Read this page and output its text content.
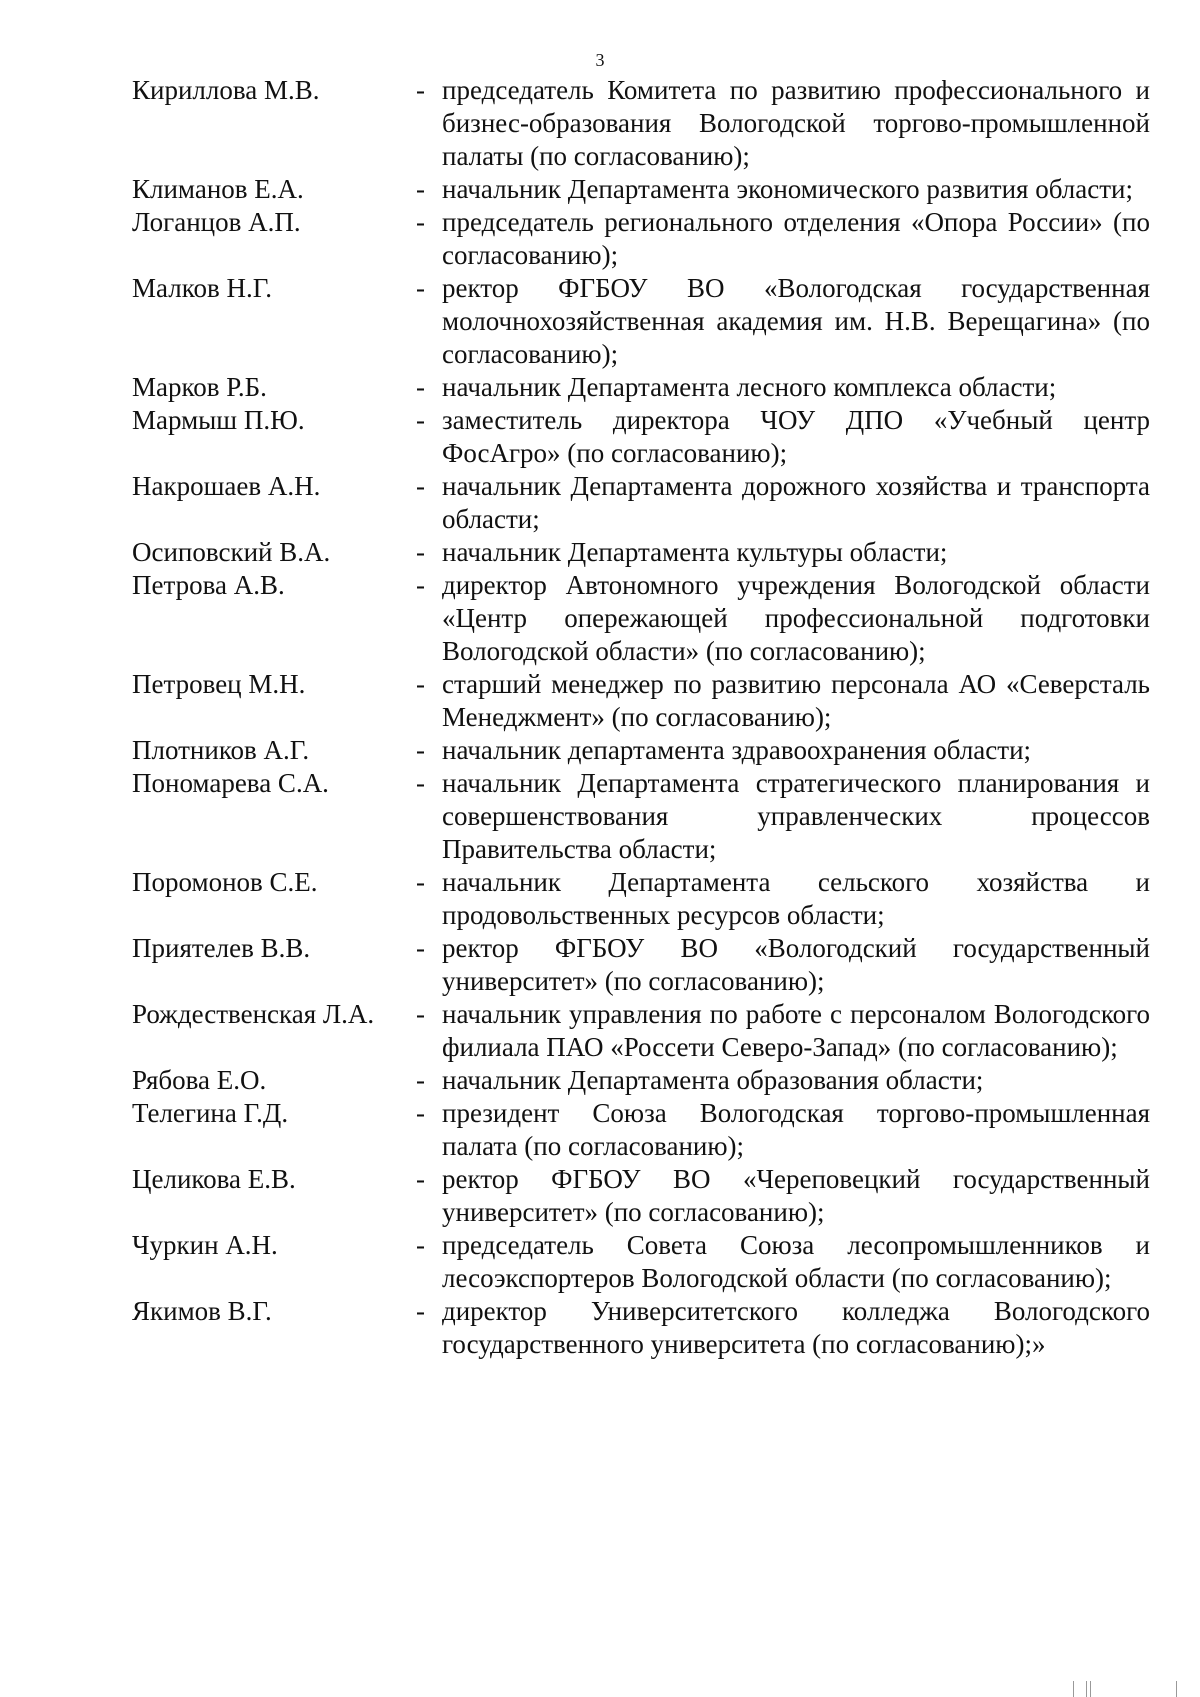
3
Кириллова М.В.	- председатель Комитета по развитию профессионального и бизнес-образования Вологодской торгово-промышленной палаты (по согласованию);
Климанов Е.А.	- начальник Департамента экономического развития области;
Логанцов А.П.	- председатель регионального отделения «Опора России» (по согласованию);
Малков Н.Г.	- ректор ФГБОУ ВО «Вологодская государственная молочнохозяйственная академия им. Н.В. Верещагина» (по согласованию);
Марков Р.Б.	- начальник Департамента лесного комплекса области;
Мармыш П.Ю.	- заместитель директора ЧОУ ДПО «Учебный центр ФосАгро» (по согласованию);
Накрошаев А.Н.	- начальник Департамента дорожного хозяйства и транспорта области;
Осиповский В.А.	- начальник Департамента культуры области;
Петрова А.В.	- директор Автономного учреждения Вологодской области «Центр опережающей профессиональной подготовки Вологодской области» (по согласованию);
Петровец М.Н.	- старший менеджер по развитию персонала АО «Северсталь Менеджмент» (по согласованию);
Плотников А.Г.	- начальник департамента здравоохранения области;
Пономарева С.А.	- начальник Департамента стратегического планирования и совершенствования управленческих процессов Правительства области;
Поромонов С.Е.	- начальник Департамента сельского хозяйства и продовольственных ресурсов области;
Приятелев В.В.	- ректор ФГБОУ ВО «Вологодский государственный университет» (по согласованию);
Рождественская Л.А.	- начальник управления по работе с персоналом Вологодского филиала ПАО «Россети Северо-Запад» (по согласованию);
Рябова Е.О.	- начальник Департамента образования области;
Телегина Г.Д.	- президент Союза Вологодская торгово-промышленная палата (по согласованию);
Целикова Е.В.	- ректор ФГБОУ ВО «Череповецкий государственный университет» (по согласованию);
Чуркин А.Н.	- председатель Совета Союза лесопромышленников и лесоэкспортеров Вологодской области (по согласованию);
Якимов В.Г.	- директор Университетского колледжа Вологодского государственного университета (по согласованию);»
